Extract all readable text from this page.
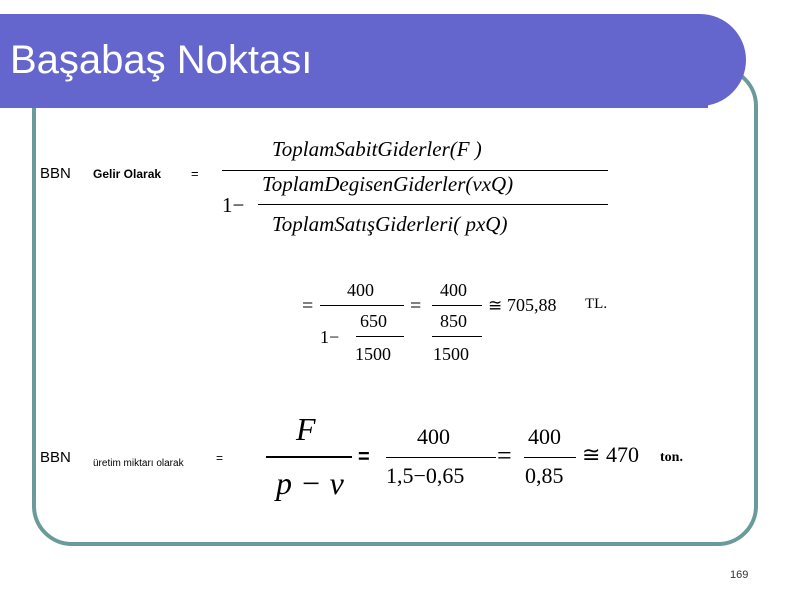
Başabaş Noktası
BBN Gelir Olarak =
ToplamSabitGiderler(F )
1−
ToplamDegisenGiderler(vxQ)
ToplamSatışGiderleri( pxQ)
=
400
1−
650
1500
=
400
850
1500
≅ 705,88 TL.
BBN üretim miktarı olarak	=
F
p − v
=
400
1,5−0,65
=
400
0,85
≅ 470 ton.
169
